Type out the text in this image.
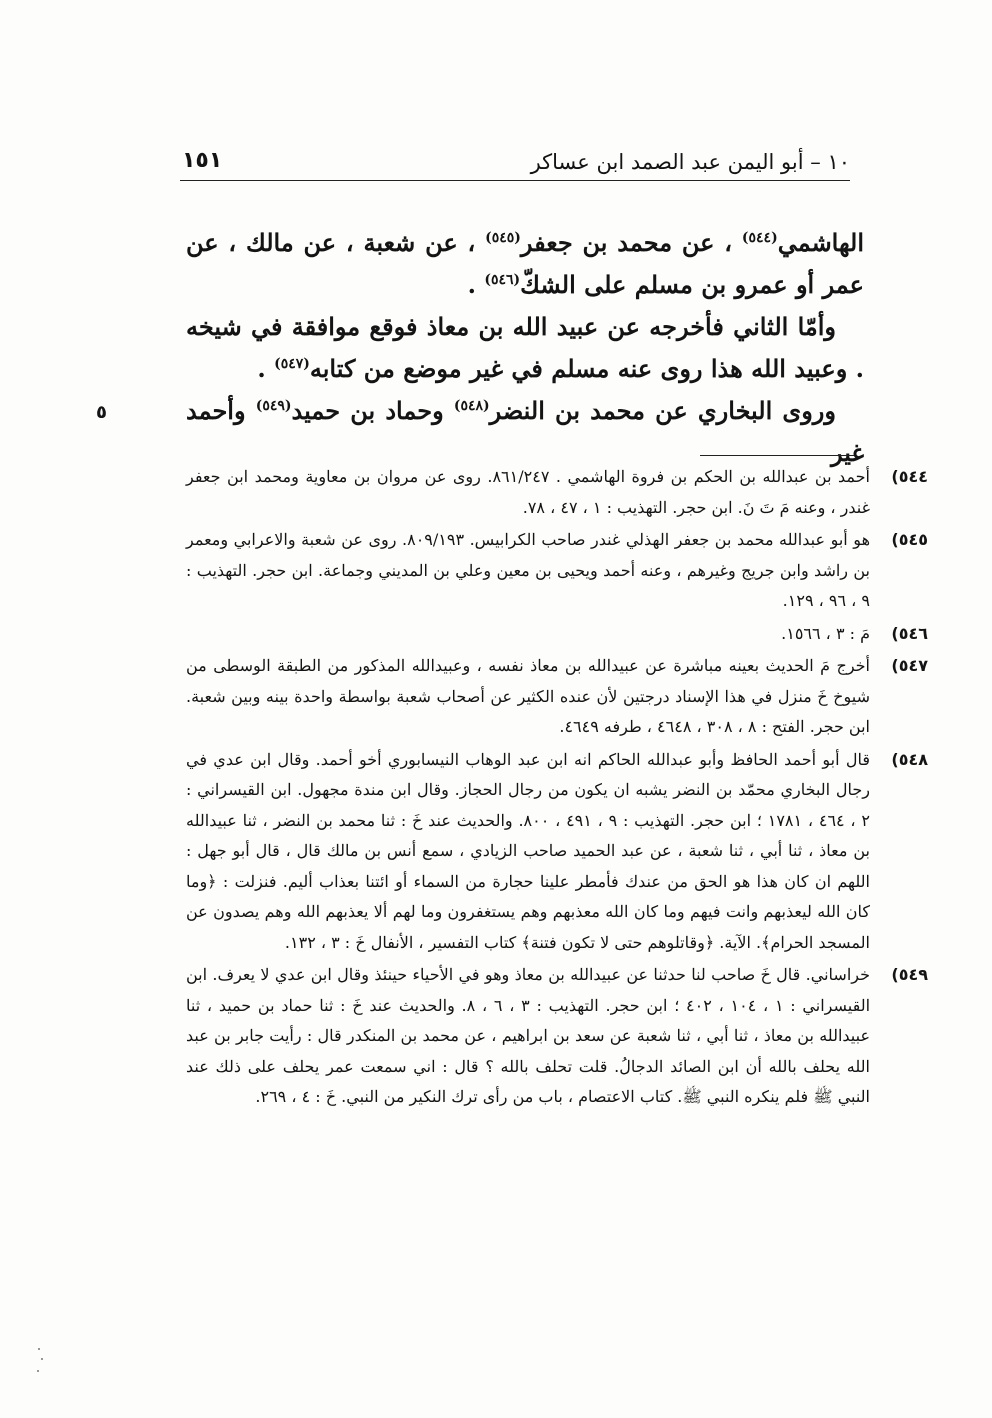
١٠ – أبو اليمن عبد الصمد ابن عساكر
١٥١

الهاشمي$^{(٥٤٤)}$ ، عن محمد بن جعفر$^{(٥٤٥)}$ ، عن شعبة ، عن مالك ، عن عمر أو عمرو بن مسلم على الشكّ$^{(٥٤٦)}$ .

وأمّا الثاني فأخرجه عن عبيد الله بن معاذ فوقع موافقة في شيخه . وعبيد الله هذا روى عنه مسلم في غير موضع من كتابه$^{(٥٤٧)}$ .

وروى البخاري عن محمد بن النضر$^{(٥٤٨)}$ وحماد بن حميد$^{(٥٤٩)}$ وأحمد غير

٥
٥٤٤)
أحمد بن عبدالله بن الحكم بن فروة الهاشمي . ٨٦١/٢٤٧. روى عن مروان بن معاوية ومحمد ابن جعفر غندر ، وعنه مَ تَ نَ. ابن حجر. التهذيب : ١ ، ٤٧ ، ٧٨.
٥٤٥)
هو أبو عبدالله محمد بن جعفر الهذلي غندر صاحب الكرابيس. ٨٠٩/١٩٣. روى عن شعبة والاعرابي ومعمر بن راشد وابن جريج وغيرهم ، وعنه أحمد ويحيى بن معين وعلي بن المديني وجماعة. ابن حجر. التهذيب : ٩ ، ٩٦ ، ١٢٩.
٥٤٦)
مَ : ٣ ، ١٥٦٦.
٥٤٧)
أخرج مَ الحديث بعينه مباشرة عن عبيدالله بن معاذ نفسه ، وعبيدالله المذكور من الطبقة الوسطى من شيوخ خَ منزل في هذا الإسناد درجتين لأن عنده الكثير عن أصحاب شعبة بواسطة واحدة بينه وبين شعبة. ابن حجر. الفتح : ٨ ، ٣٠٨ ، ٤٦٤٨ ، طرفه ٤٦٤٩.
٥٤٨)
قال أبو أحمد الحافظ وأبو عبدالله الحاكم انه ابن عبد الوهاب النيسابوري أخو أحمد. وقال ابن عدي في رجال البخاري محمّد بن النضر يشبه ان يكون من رجال الحجاز. وقال ابن مندة مجهول. ابن القيسراني : ٢ ، ٤٦٤ ، ١٧٨١ ؛ ابن حجر. التهذيب : ٩ ، ٤٩١ ، ٨٠٠. والحديث عند خَ : ثنا محمد بن النضر ، ثنا عبيدالله بن معاذ ، ثنا أبي ، ثنا شعبة ، عن عبد الحميد صاحب الزيادي ، سمع أنس بن مالك قال ، قال أبو جهل : اللهم ان كان هذا هو الحق من عندك فأمطر علينا حجارة من السماء أو ائتنا بعذاب أليم. فنزلت : ﴿وما كان الله ليعذبهم وانت فيهم وما كان الله معذبهم وهم يستغفرون وما لهم ألا يعذبهم الله وهم يصدون عن المسجد الحرام﴾. الآية. ﴿وقاتلوهم حتى لا تكون فتنة﴾ كتاب التفسير ، الأنفال خَ : ٣ ، ١٣٢.
٥٤٩)
خراساني. قال خَ صاحب لنا حدثنا عن عبيدالله بن معاذ وهو في الأحياء حينئذ وقال ابن عدي لا يعرف. ابن القيسراني : ١ ، ١٠٤ ، ٤٠٢ ؛ ابن حجر. التهذيب : ٣ ، ٦ ، ٨. والحديث عند خَ : ثنا حماد بن حميد ، ثنا عبيدالله بن معاذ ، ثنا أبي ، ثنا شعبة عن سعد بن ابراهيم ، عن محمد بن المنكدر قال : رأيت جابر بن عبد الله يحلف بالله أن ابن الصائد الدجالُ. قلت تحلف بالله ؟ قال : اني سمعت عمر يحلف على ذلك عند النبي ﷺ فلم ينكره النبي ﷺ. كتاب الاعتصام ، باب من رأى ترك النكير من النبي. خَ : ٤ ، ٢٦٩.
